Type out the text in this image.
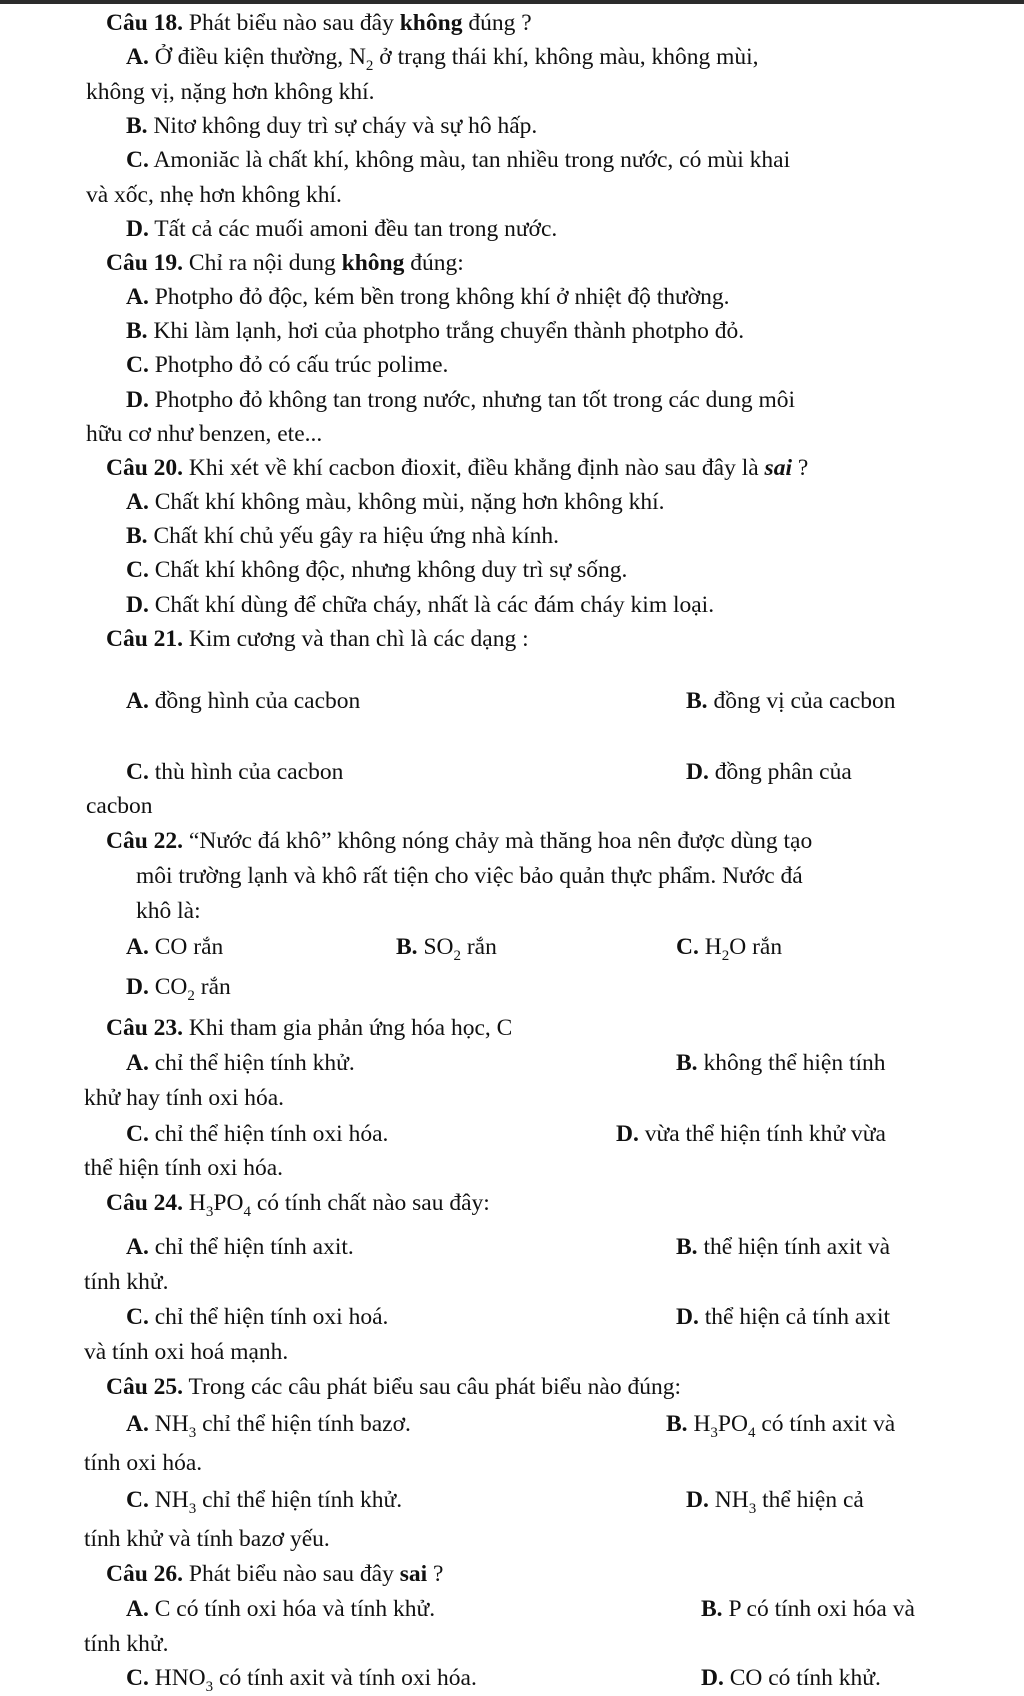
Câu 18. Phát biểu nào sau đây không đúng ?
A. Ở điều kiện thường, $N_2$ ở trạng thái khí, không màu, không mùi,
không vị, nặng hơn không khí.
B. Nitơ không duy trì sự cháy và sự hô hấp.
C. Amoniăc là chất khí, không màu, tan nhiều trong nước, có mùi khai
và xốc, nhẹ hơn không khí.
D. Tất cả các muối amoni đều tan trong nước.
Câu 19. Chỉ ra nội dung không đúng:
A. Photpho đỏ độc, kém bền trong không khí ở nhiệt độ thường.
B. Khi làm lạnh, hơi của photpho trắng chuyển thành photpho đỏ.
C. Photpho đỏ có cấu trúc polime.
D. Photpho đỏ không tan trong nước, nhưng tan tốt trong các dung môi
hữu cơ như benzen, ete...
Câu 20. Khi xét về khí cacbon đioxit, điều khẳng định nào sau đây là sai ?
A. Chất khí không màu, không mùi, nặng hơn không khí.
B. Chất khí chủ yếu gây ra hiệu ứng nhà kính.
C. Chất khí không độc, nhưng không duy trì sự sống.
D. Chất khí dùng để chữa cháy, nhất là các đám cháy kim loại.
Câu 21. Kim cương và than chì là các dạng :
A. đồng hình của cacbon	B. đồng vị của cacbon
C. thù hình của cacbon	D. đồng phân của
cacbon
Câu 22. “Nước đá khô” không nóng chảy mà thăng hoa nên được dùng tạo
môi trường lạnh và khô rất tiện cho việc bảo quản thực phẩm. Nước đá
khô là:
A. CO rắn	B. $SO_2$ rắn	C. $H_2O$ rắn
D. $CO_2$ rắn
Câu 23. Khi tham gia phản ứng hóa học, C
A. chỉ thể hiện tính khử.	B. không thể hiện tính
khử hay tính oxi hóa.
C. chỉ thể hiện tính oxi hóa.	D. vừa thể hiện tính khử vừa
thể hiện tính oxi hóa.
Câu 24. $H_3PO_4$ có tính chất nào sau đây:
A. chỉ thể hiện tính axit.	B. thể hiện tính axit và
tính khử.
C. chỉ thể hiện tính oxi hoá.	D. thể hiện cả tính axit
và tính oxi hoá mạnh.
Câu 25. Trong các câu phát biểu sau câu phát biểu nào đúng:
A. $NH_3$ chỉ thể hiện tính bazơ.	B. $H_3PO_4$ có tính axit và
tính oxi hóa.
C. $NH_3$ chỉ thể hiện tính khử.	D. $NH_3$ thể hiện cả
tính khử và tính bazơ yếu.
Câu 26. Phát biểu nào sau đây sai ?
A. C có tính oxi hóa và tính khử.	B. P có tính oxi hóa và
tính khử.
C. $HNO_3$ có tính axit và tính oxi hóa.	D. CO có tính khử.
